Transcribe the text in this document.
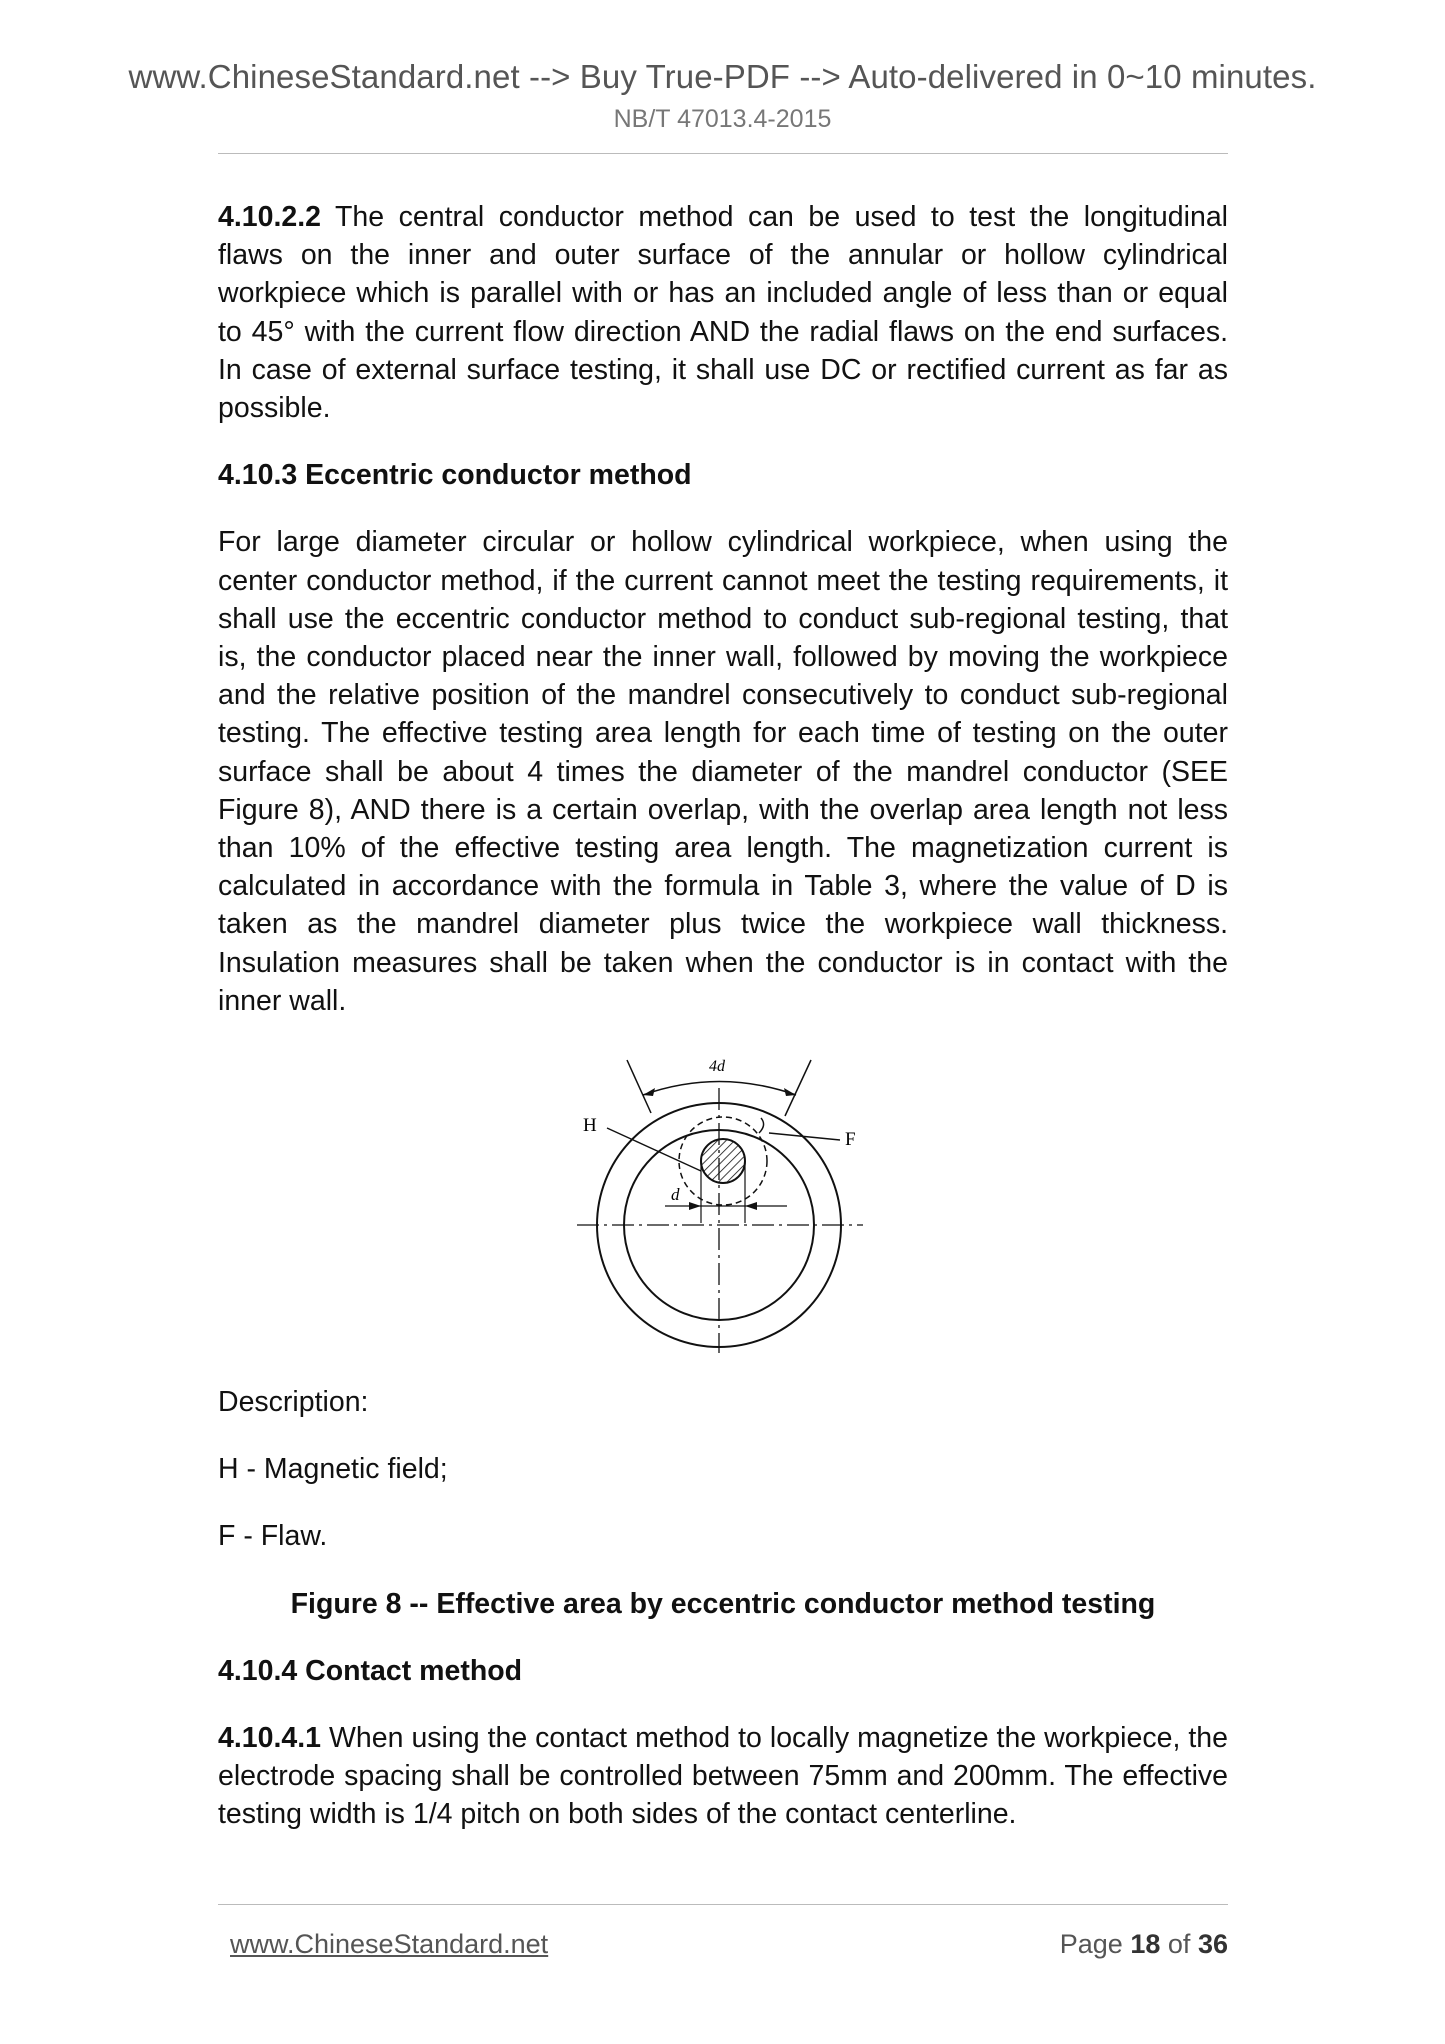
www.ChineseStandard.net --> Buy True-PDF --> Auto-delivered in 0~10 minutes.
NB/T 47013.4-2015

4.10.2.2 The central conductor method can be used to test the longitudinal flaws on the inner and outer surface of the annular or hollow cylindrical workpiece which is parallel with or has an included angle of less than or equal to 45° with the current flow direction AND the radial flaws on the end surfaces. In case of external surface testing, it shall use DC or rectified current as far as possible.

4.10.3 Eccentric conductor method

For large diameter circular or hollow cylindrical workpiece, when using the center conductor method, if the current cannot meet the testing requirements, it shall use the eccentric conductor method to conduct sub-regional testing, that is, the conductor placed near the inner wall, followed by moving the workpiece and the relative position of the mandrel consecutively to conduct sub-regional testing. The effective testing area length for each time of testing on the outer surface shall be about 4 times the diameter of the mandrel conductor (SEE Figure 8), AND there is a certain overlap, with the overlap area length not less than 10% of the effective testing area length. The magnetization current is calculated in accordance with the formula in Table 3, where the value of D is taken as the mandrel diameter plus twice the workpiece wall thickness. Insulation measures shall be taken when the conductor is in contact with the inner wall.

4d
H
F
d

Description:

H - Magnetic field;

F - Flaw.

Figure 8 -- Effective area by eccentric conductor method testing

4.10.4 Contact method

4.10.4.1 When using the contact method to locally magnetize the workpiece, the electrode spacing shall be controlled between 75mm and 200mm. The effective testing width is 1/4 pitch on both sides of the contact centerline.

www.ChineseStandard.net	Page 18 of 36
